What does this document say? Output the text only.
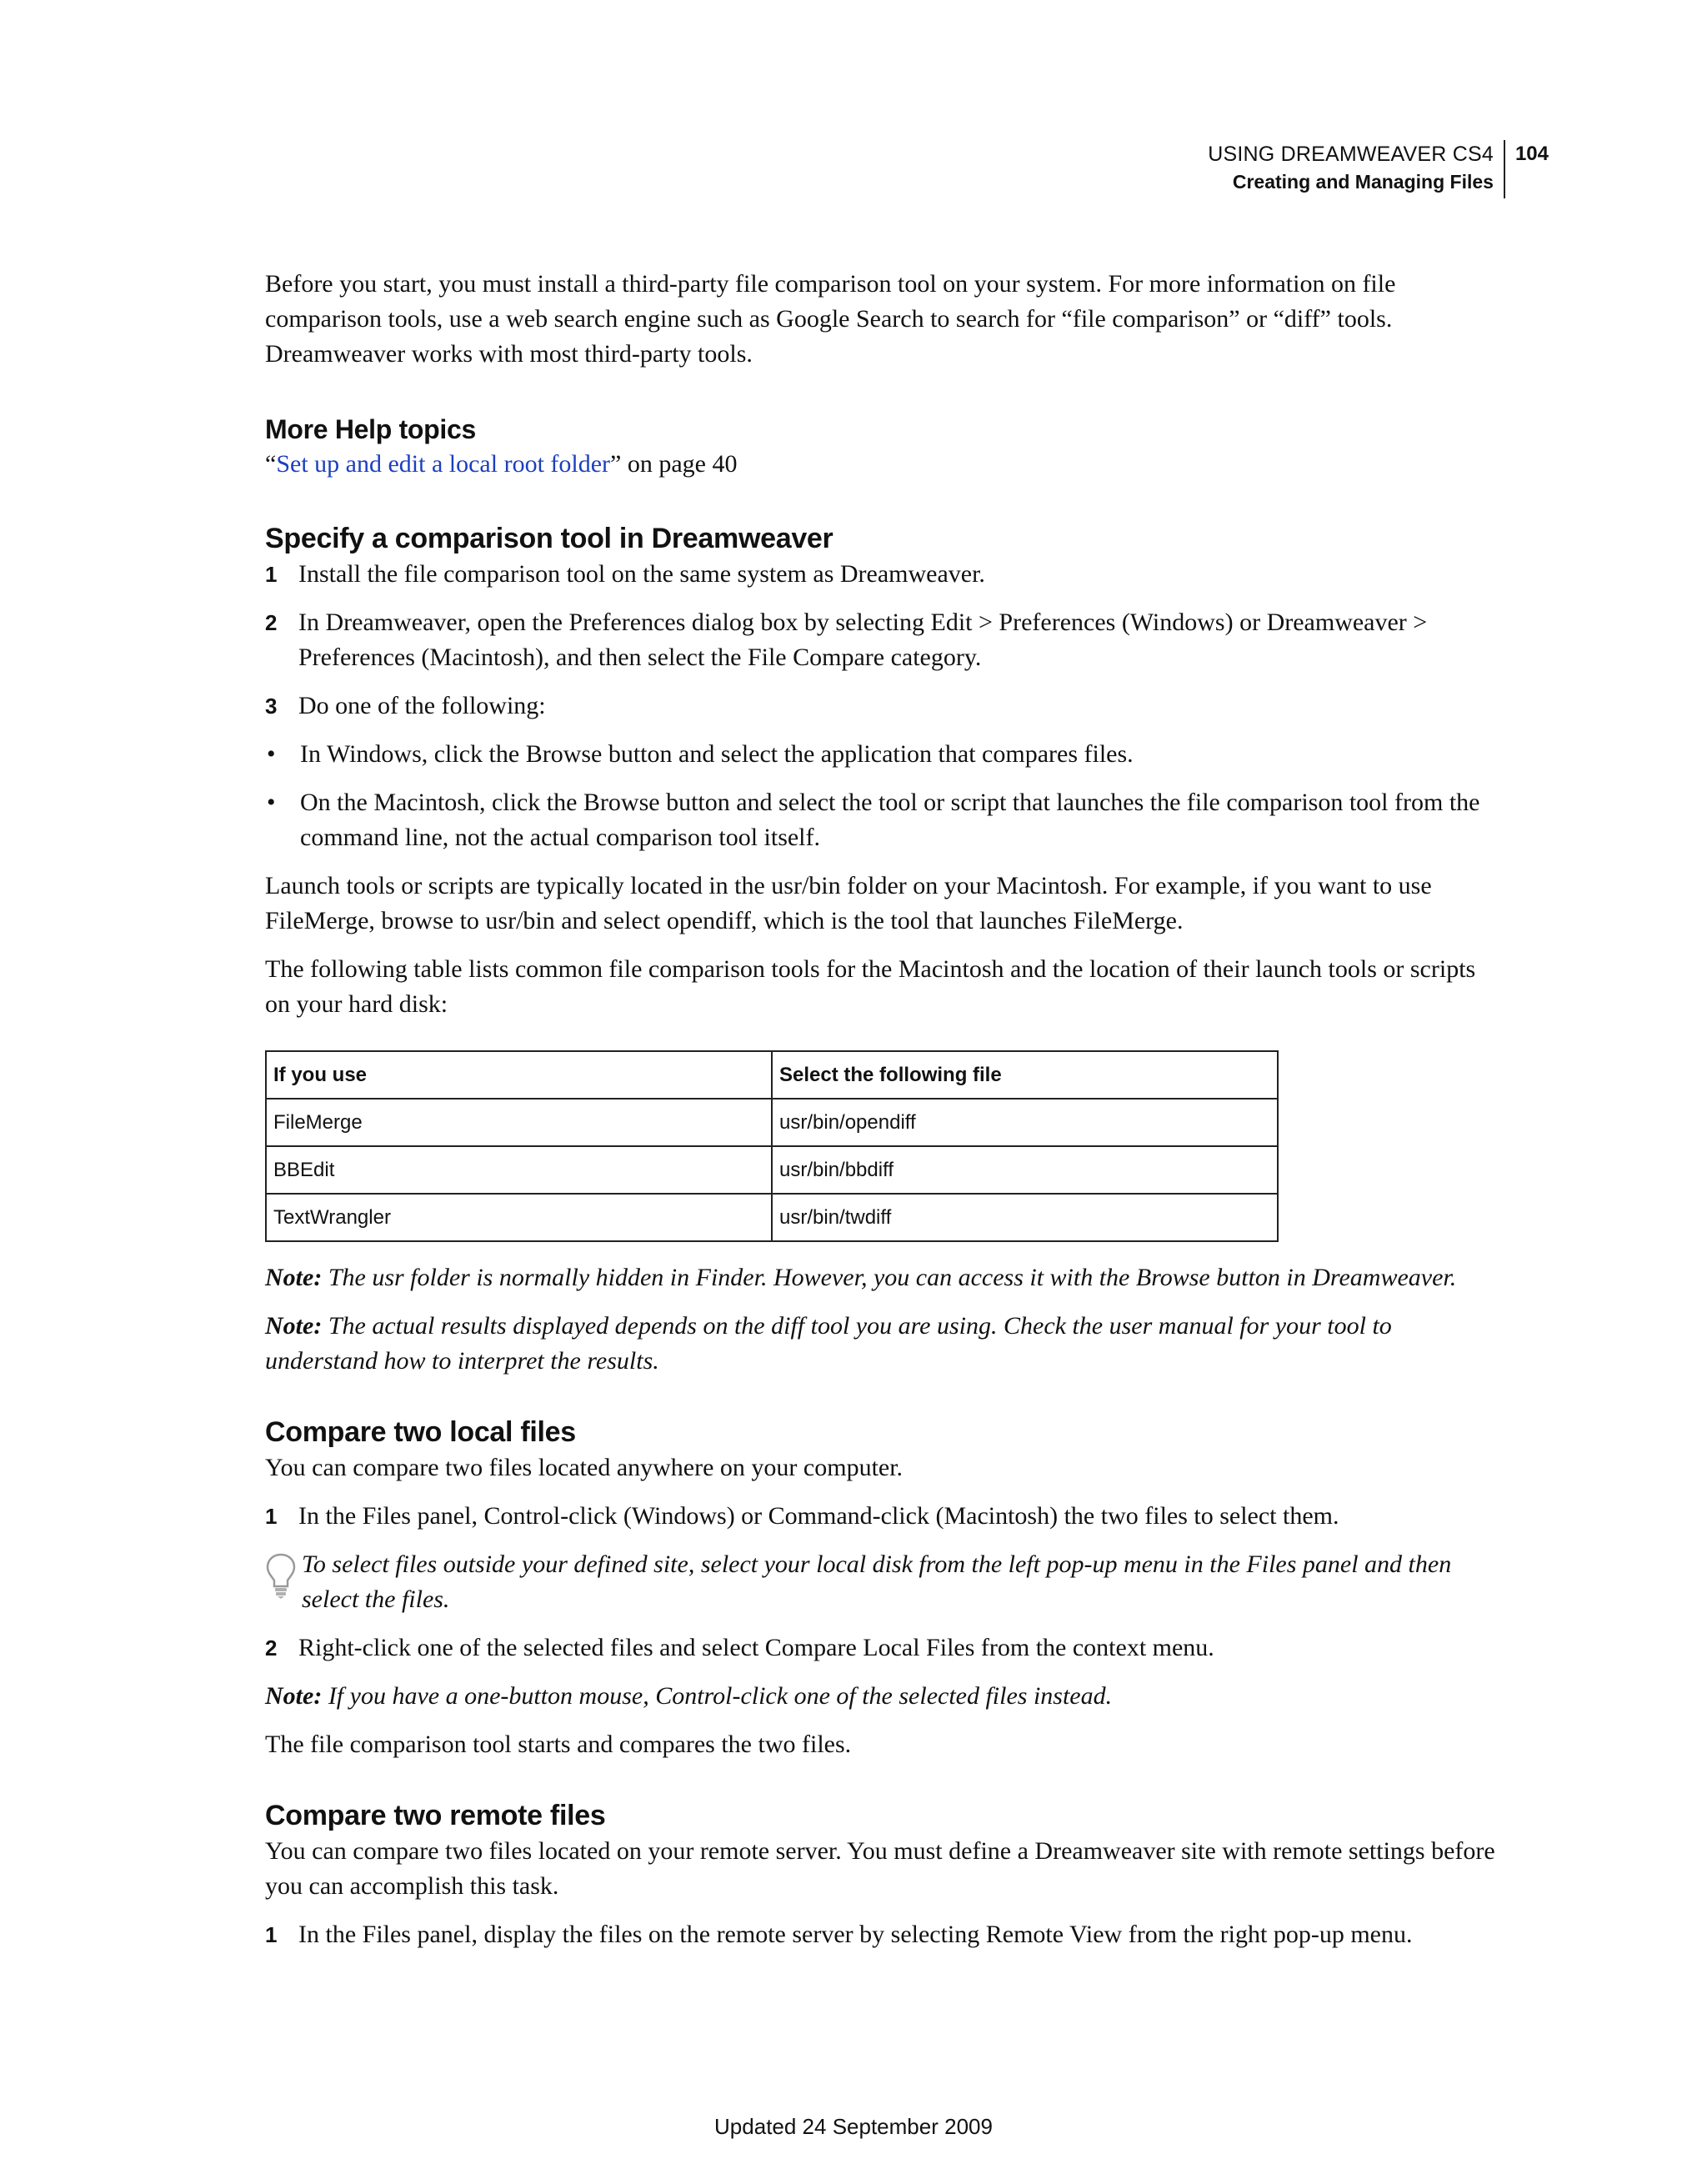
USING DREAMWEAVER CS4
Creating and Managing Files
104

Before you start, you must install a third-party file comparison tool on your system. For more information on file comparison tools, use a web search engine such as Google Search to search for “file comparison” or “diff” tools. Dreamweaver works with most third-party tools.

More Help topics

“Set up and edit a local root folder” on page 40

Specify a comparison tool in Dreamweaver
1 Install the file comparison tool on the same system as Dreamweaver.
2 In Dreamweaver, open the Preferences dialog box by selecting Edit > Preferences (Windows) or Dreamweaver > Preferences (Macintosh), and then select the File Compare category.
3 Do one of the following:
• In Windows, click the Browse button and select the application that compares files.
• On the Macintosh, click the Browse button and select the tool or script that launches the file comparison tool from the command line, not the actual comparison tool itself.

Launch tools or scripts are typically located in the usr/bin folder on your Macintosh. For example, if you want to use FileMerge, browse to usr/bin and select opendiff, which is the tool that launches FileMerge.

The following table lists common file comparison tools for the Macintosh and the location of their launch tools or scripts on your hard disk:

If you use	Select the following file
FileMerge	usr/bin/opendiff
BBEdit	usr/bin/bbdiff
TextWrangler	usr/bin/twdiff

Note: The usr folder is normally hidden in Finder. However, you can access it with the Browse button in Dreamweaver.

Note: The actual results displayed depends on the diff tool you are using. Check the user manual for your tool to understand how to interpret the results.

Compare two local files

You can compare two files located anywhere on your computer.

1 In the Files panel, Control-click (Windows) or Command-click (Macintosh) the two files to select them.
To select files outside your defined site, select your local disk from the left pop-up menu in the Files panel and then select the files.
2 Right-click one of the selected files and select Compare Local Files from the context menu.

Note: If you have a one-button mouse, Control-click one of the selected files instead.

The file comparison tool starts and compares the two files.

Compare two remote files

You can compare two files located on your remote server. You must define a Dreamweaver site with remote settings before you can accomplish this task.

1 In the Files panel, display the files on the remote server by selecting Remote View from the right pop-up menu.
Updated 24 September 2009
